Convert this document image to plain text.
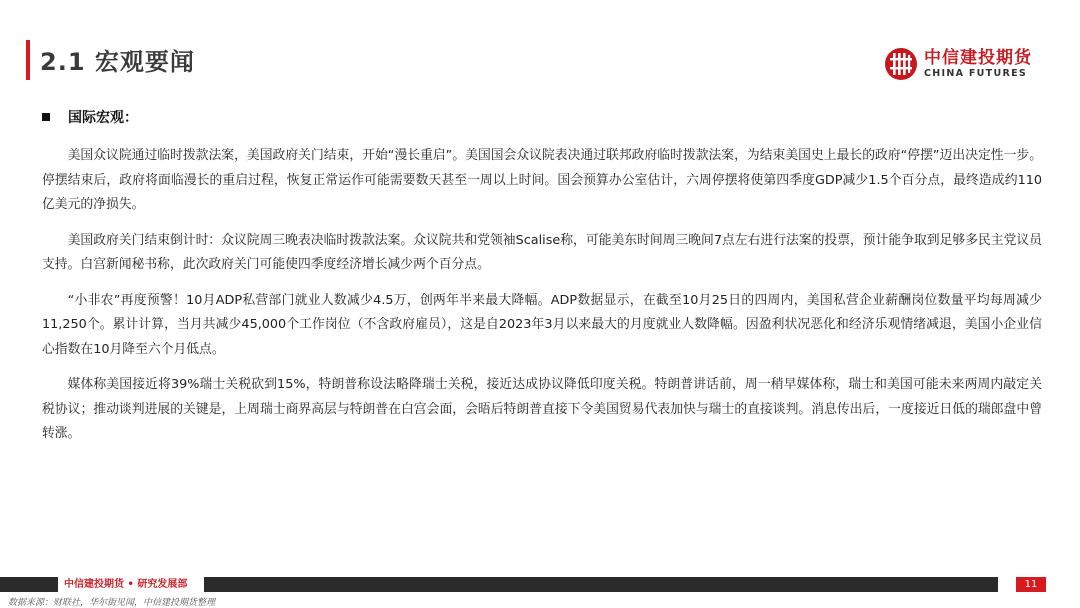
2.1 宏观要闻	中信建投期货
CHINA FUTURES
国际宏观：

美国众议院通过临时拨款法案，美国政府关门结束，开始“漫长重启”。美国国会众议院表决通过联邦政府临时拨款法案，为结束美国史上最长的政府“停摆”迈出决定性一步。停摆结束后，政府将面临漫长的重启过程，恢复正常运作可能需要数天甚至一周以上时间。国会预算办公室估计，六周停摆将使第四季度GDP减少1.5个百分点，最终造成约110亿美元的净损失。

美国政府关门结束倒计时：众议院周三晚表决临时拨款法案。众议院共和党领袖Scalise称，可能美东时间周三晚间7点左右进行法案的投票，预计能争取到足够多民主党议员支持。白宫新闻秘书称，此次政府关门可能使四季度经济增长减少两个百分点。

“小非农”再度预警！10月ADP私营部门就业人数减少4.5万，创两年半来最大降幅。ADP数据显示，在截至10月25日的四周内，美国私营企业薪酬岗位数量平均每周减少11,250个。累计计算，当月共减少45,000个工作岗位（不含政府雇员），这是自2023年3月以来最大的月度就业人数降幅。因盈利状况恶化和经济乐观情绪减退，美国小企业信心指数在10月降至六个月低点。

媒体称美国接近将39%瑞士关税砍到15%，特朗普称设法略降瑞士关税，接近达成协议降低印度关税。特朗普讲话前，周一稍早媒体称，瑞士和美国可能未来两周内敲定关税协议；推动谈判进展的关键是，上周瑞士商界高层与特朗普在白宫会面，会晤后特朗普直接下令美国贸易代表加快与瑞士的直接谈判。消息传出后，一度接近日低的瑞郎盘中曾转涨。

中信建投期货 • 研究发展部	11
数据来源：财联社，华尔街见闻，中信建投期货整理
